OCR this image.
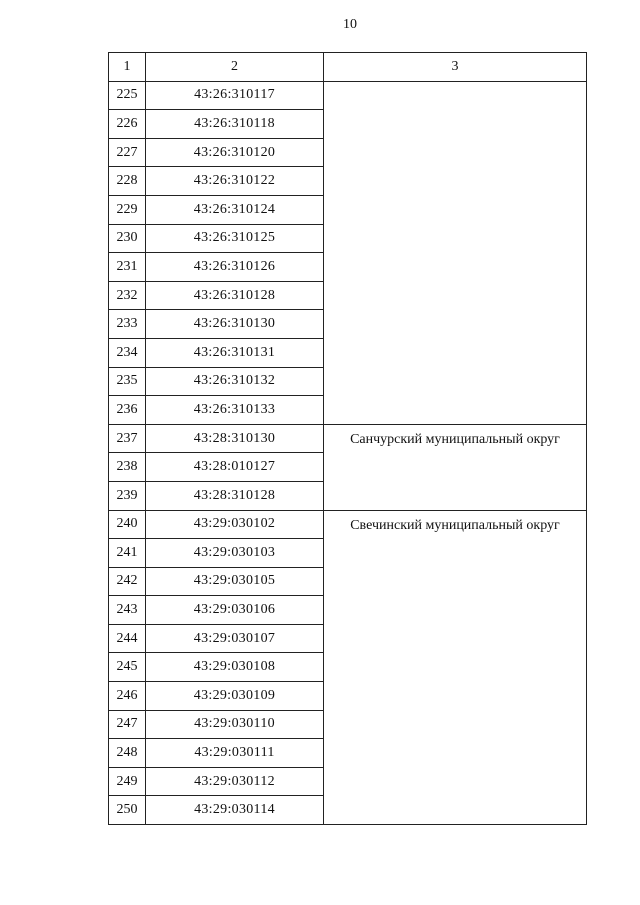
10
1	2	3
225	43:26:310117	
226	43:26:310118	
227	43:26:310120	
228	43:26:310122	
229	43:26:310124	
230	43:26:310125	
231	43:26:310126	
232	43:26:310128	
233	43:26:310130	
234	43:26:310131	
235	43:26:310132	
236	43:26:310133	
237	43:28:310130	Санчурский муниципальный округ
238	43:28:010127	
239	43:28:310128	
240	43:29:030102	Свечинский муниципальный округ
241	43:29:030103	
242	43:29:030105	
243	43:29:030106	
244	43:29:030107	
245	43:29:030108	
246	43:29:030109	
247	43:29:030110	
248	43:29:030111	
249	43:29:030112	
250	43:29:030114	
